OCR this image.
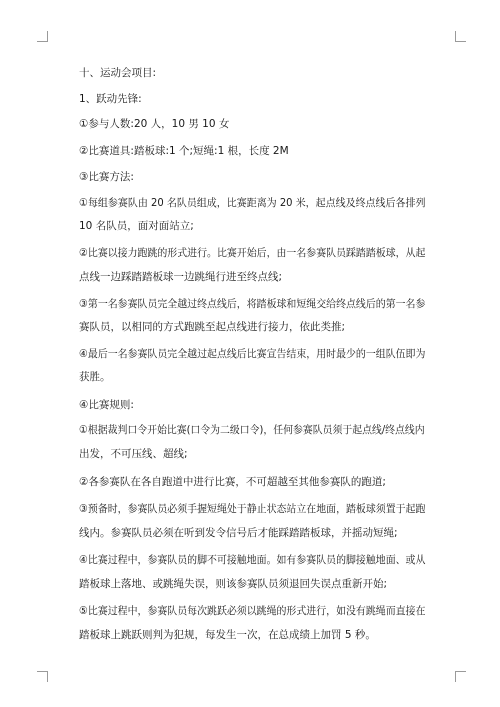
十、运动会项目:
1、跃动先锋:
①参与人数:20 人，10 男 10 女
②比赛道具:踏板球:1 个;短绳:1 根，长度 2M
③比赛方法:
①每组参赛队由 20 名队员组成，比赛距离为 20 米，起点线及终点线后各排列
10 名队员，面对面站立;
②比赛以接力跑跳的形式进行。比赛开始后，由一名参赛队员踩踏踏板球，从起
点线一边踩踏踏板球一边跳绳行进至终点线;
③第一名参赛队员完全越过终点线后，将踏板球和短绳交给终点线后的第一名参
赛队员，以相同的方式跑跳至起点线进行接力，依此类推;
④最后一名参赛队员完全越过起点线后比赛宣告结束，用时最少的一组队伍即为
获胜。
④比赛规则:
①根据裁判口令开始比赛(口令为二级口令)，任何参赛队员须于起点线/终点线内
出发，不可压线、超线;
②各参赛队在各自跑道中进行比赛，不可超越至其他参赛队的跑道;
③预备时，参赛队员必须手握短绳处于静止状态站立在地面，踏板球须置于起跑
线内。参赛队员必须在听到发令信号后才能踩踏踏板球，并摇动短绳;
④比赛过程中，参赛队员的脚不可接触地面。如有参赛队员的脚接触地面、或从
踏板球上落地、或跳绳失误，则该参赛队员须退回失误点重新开始;
⑤比赛过程中，参赛队员每次跳跃必须以跳绳的形式进行，如没有跳绳而直接在
踏板球上跳跃则判为犯规，每发生一次，在总成绩上加罚 5 秒。
